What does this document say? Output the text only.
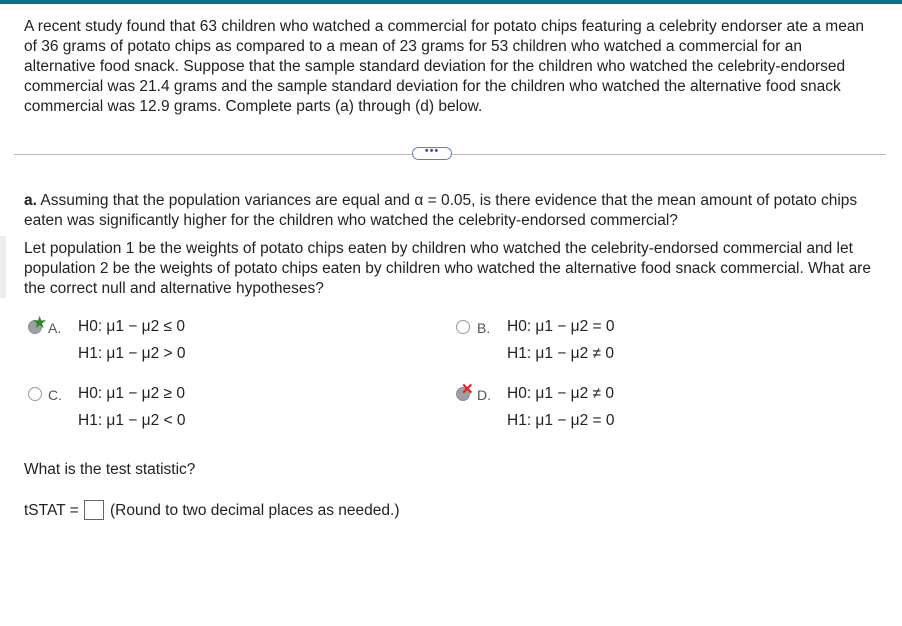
A recent study found that 63 children who watched a commercial for potato chips featuring a celebrity endorser ate a mean of 36 grams of potato chips as compared to a mean of 23 grams for 53 children who watched a commercial for an alternative food snack. Suppose that the sample standard deviation for the children who watched the celebrity-endorsed commercial was 21.4 grams and the sample standard deviation for the children who watched the alternative food snack commercial was 12.9 grams. Complete parts (a) through (d) below.

•••

a. Assuming that the population variances are equal and α = 0.05, is there evidence that the mean amount of potato chips eaten was significantly higher for the children who watched the celebrity-endorsed commercial?

Let population 1 be the weights of potato chips eaten by children who watched the celebrity-endorsed commercial and let population 2 be the weights of potato chips eaten by children who watched the alternative food snack commercial. What are the correct null and alternative hypotheses?

★ A. H0: μ1 − μ2 ≤ 0
H1: μ1 − μ2 > 0
B. H0: μ1 − μ2 = 0
H1: μ1 − μ2 ≠ 0
C. H0: μ1 − μ2 ≥ 0
H1: μ1 − μ2 < 0
✕ D. H0: μ1 − μ2 ≠ 0
H1: μ1 − μ2 = 0
What is the test statistic?
tSTAT = (Round to two decimal places as needed.)
